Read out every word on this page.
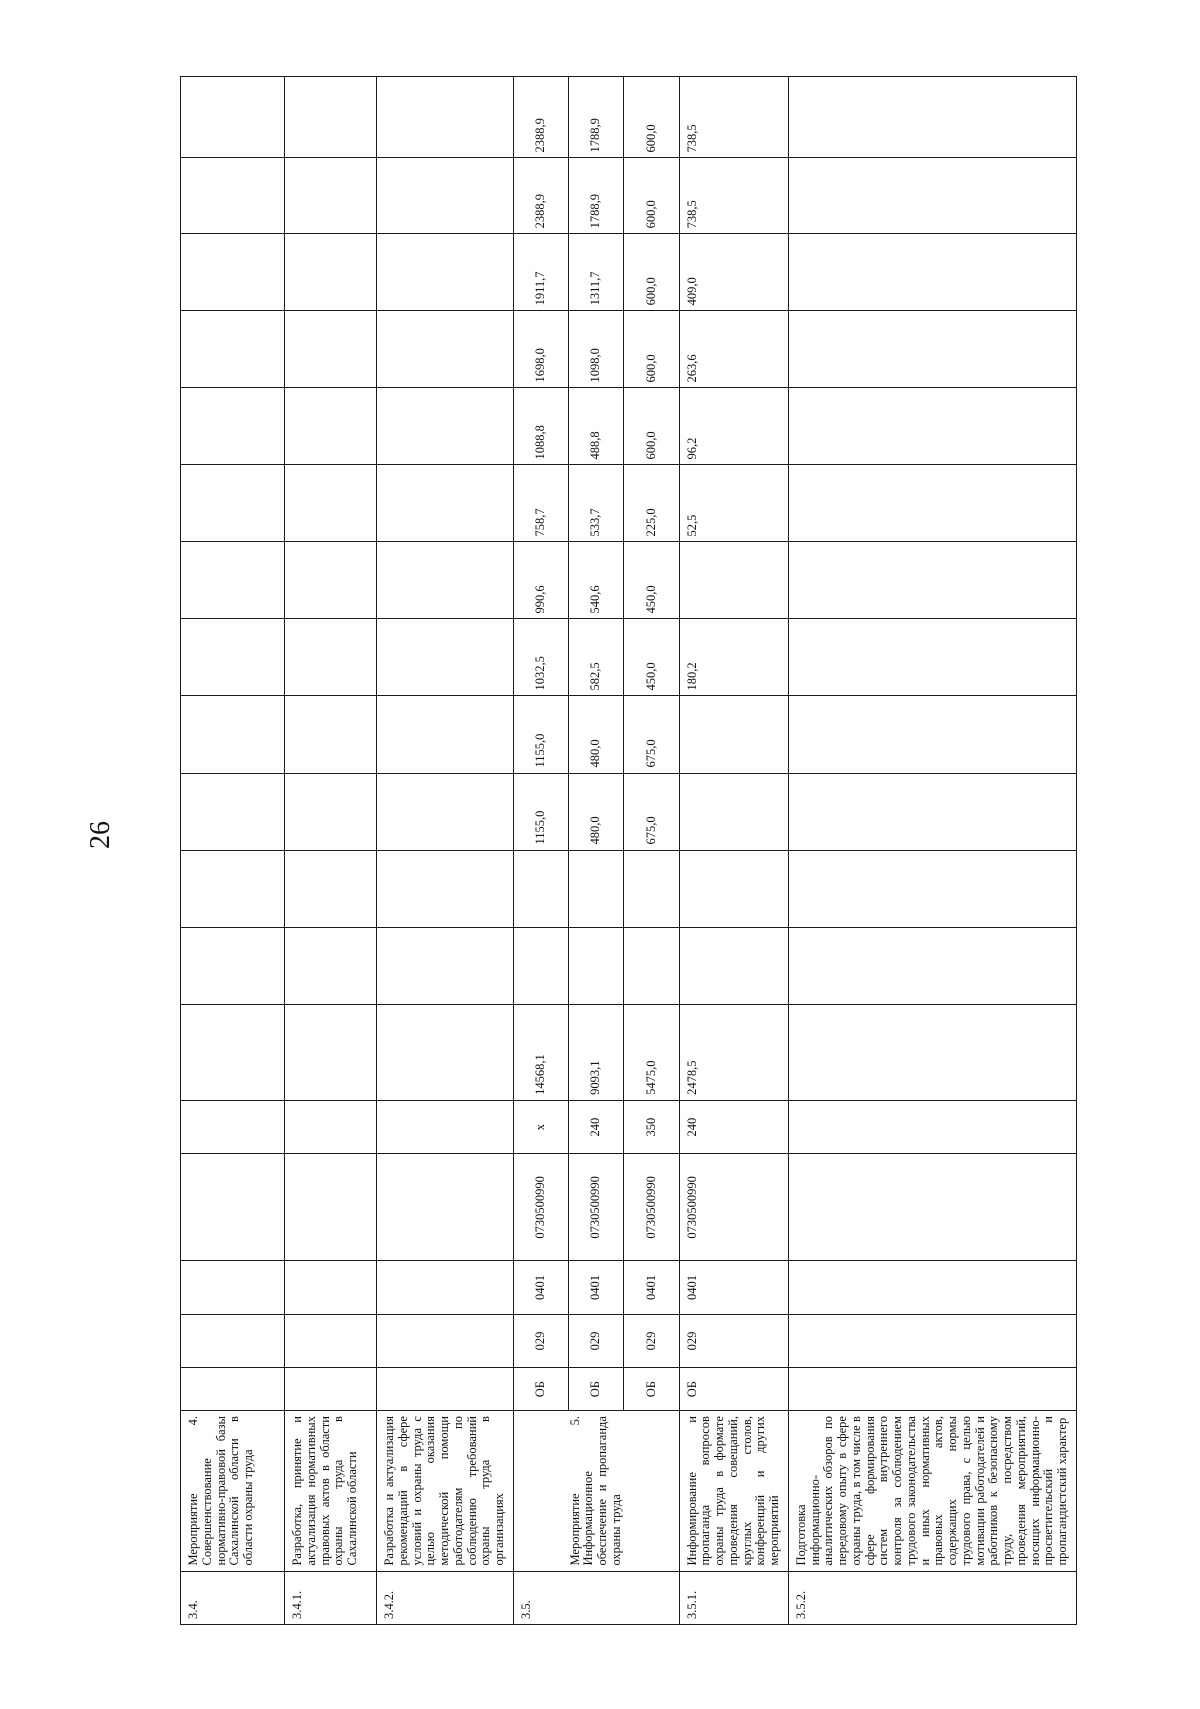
26
3.4.	Мероприятие 4. Совершенствование нормативно-правовой базы Сахалинской области в области охраны труда																		
3.4.1.	Разработка, принятие и актуализация нормативных правовых актов в области охраны труда в Сахалинской области																		
3.4.2.	Разработка и актуализация рекомендаций в сфере условий и охраны труда с целью оказания методической помощи работодателям по соблюдению требований охраны труда в организациях																		
3.5.	Мероприятие 5. Информационное обеспечение и пропаганда охраны труда	ОБ	029	0401	0730500990	х	14568,1			1155,0	1155,0	1032,5	990,6	758,7	1088,8	1698,0	1911,7	2388,9	2388,9
		ОБ	029	0401	0730500990	240	9093,1			480,0	480,0	582,5	540,6	533,7	488,8	1098,0	1311,7	1788,9	1788,9
		ОБ	029	0401	0730500990	350	5475,0			675,0	675,0	450,0	450,0	225,0	600,0	600,0	600,0	600,0	600,0
3.5.1.	Информирование и пропаганда вопросов охраны труда в формате проведения совещаний, круглых столов, конференций и других мероприятий	ОБ	029	0401	0730500990	240	2478,5					180,2		52,5	96,2	263,6	409,0	738,5	738,5
3.5.2.	Подготовка информационно-аналитических обзоров по передовому опыту в сфере охраны труда, в том числе в сфере формирования систем внутреннего контроля за соблюдением трудового законодательства и иных нормативных правовых актов, содержащих нормы трудового права, с целью мотивации работодателей и работников к безопасному труду, посредством проведения мероприятий, носящих информационно-просветительский и пропагандистский характер																		
